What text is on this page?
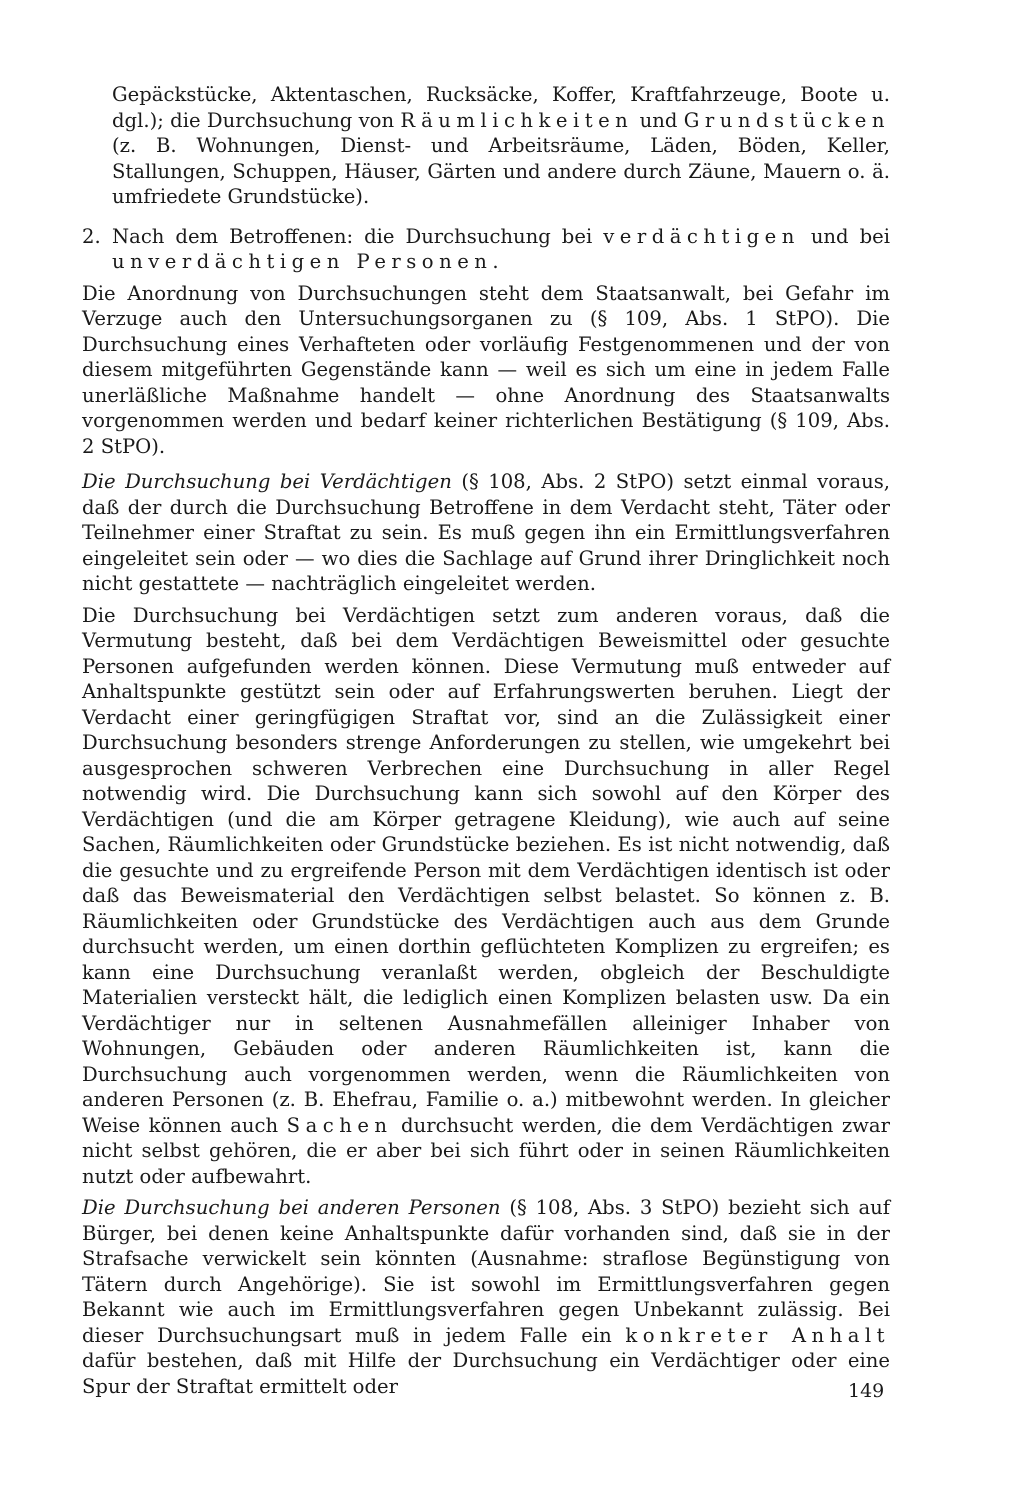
Gepäckstücke, Aktentaschen, Rucksäcke, Koffer, Kraftfahrzeuge, Boote u. dgl.); die Durchsuchung von Räumlichkeiten und Grundstücken (z. B. Wohnungen, Dienst- und Arbeitsräume, Läden, Böden, Keller, Stallungen, Schuppen, Häuser, Gärten und andere durch Zäune, Mauern o. ä. umfriedete Grundstücke).
2. Nach dem Betroffenen: die Durchsuchung bei verdächtigen und bei unverdächtigen Personen.

Die Anordnung von Durchsuchungen steht dem Staatsanwalt, bei Gefahr im Verzuge auch den Untersuchungsorganen zu (§ 109, Abs. 1 StPO). Die Durchsuchung eines Verhafteten oder vorläufig Festgenommenen und der von diesem mitgeführten Gegenstände kann — weil es sich um eine in jedem Falle unerläßliche Maßnahme handelt — ohne Anordnung des Staatsanwalts vorgenommen werden und bedarf keiner richterlichen Bestätigung (§ 109, Abs. 2 StPO).

Die Durchsuchung bei Verdächtigen (§ 108, Abs. 2 StPO) setzt einmal voraus, daß der durch die Durchsuchung Betroffene in dem Verdacht steht, Täter oder Teilnehmer einer Straftat zu sein. Es muß gegen ihn ein Ermittlungsverfahren eingeleitet sein oder — wo dies die Sachlage auf Grund ihrer Dringlichkeit noch nicht gestattete — nachträglich eingeleitet werden.

Die Durchsuchung bei Verdächtigen setzt zum anderen voraus, daß die Vermutung besteht, daß bei dem Verdächtigen Beweismittel oder gesuchte Personen aufgefunden werden können. Diese Vermutung muß entweder auf Anhaltspunkte gestützt sein oder auf Erfahrungswerten beruhen. Liegt der Verdacht einer geringfügigen Straftat vor, sind an die Zulässigkeit einer Durchsuchung besonders strenge Anforderungen zu stellen, wie umgekehrt bei ausgesprochen schweren Verbrechen eine Durchsuchung in aller Regel notwendig wird. Die Durchsuchung kann sich sowohl auf den Körper des Verdächtigen (und die am Körper getragene Kleidung), wie auch auf seine Sachen, Räumlichkeiten oder Grundstücke beziehen. Es ist nicht notwendig, daß die gesuchte und zu ergreifende Person mit dem Verdächtigen identisch ist oder daß das Beweismaterial den Verdächtigen selbst belastet. So können z. B. Räumlichkeiten oder Grundstücke des Verdächtigen auch aus dem Grunde durchsucht werden, um einen dorthin geflüchteten Komplizen zu ergreifen; es kann eine Durchsuchung veranlaßt werden, obgleich der Beschuldigte Materialien versteckt hält, die lediglich einen Komplizen belasten usw. Da ein Verdächtiger nur in seltenen Ausnahmefällen alleiniger Inhaber von Wohnungen, Gebäuden oder anderen Räumlichkeiten ist, kann die Durchsuchung auch vorgenommen werden, wenn die Räumlichkeiten von anderen Personen (z. B. Ehefrau, Familie o. a.) mitbewohnt werden. In gleicher Weise können auch Sachen durchsucht werden, die dem Verdächtigen zwar nicht selbst gehören, die er aber bei sich führt oder in seinen Räumlichkeiten nutzt oder aufbewahrt.

Die Durchsuchung bei anderen Personen (§ 108, Abs. 3 StPO) bezieht sich auf Bürger, bei denen keine Anhaltspunkte dafür vorhanden sind, daß sie in der Strafsache verwickelt sein könnten (Ausnahme: straflose Begünstigung von Tätern durch Angehörige). Sie ist sowohl im Ermittlungsverfahren gegen Bekannt wie auch im Ermittlungsverfahren gegen Unbekannt zulässig. Bei dieser Durchsuchungsart muß in jedem Falle ein konkreter Anhalt dafür bestehen, daß mit Hilfe der Durchsuchung ein Verdächtiger oder eine Spur der Straftat ermittelt oder	149
